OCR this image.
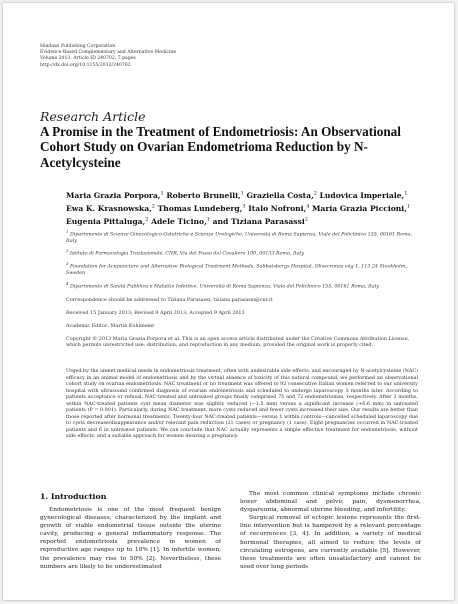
Hindawi Publishing Corporation
Evidence-Based Complementary and Alternative Medicine
Volume 2013, Article ID 240702, 7 pages
http://dx.doi.org/10.1155/2013/240702
Research Article
A Promise in the Treatment of Endometriosis: An Observational Cohort Study on Ovarian Endometrioma Reduction by N-Acetylcysteine
Maria Grazia Porpora,$^1$ Roberto Brunelli,$^1$ Graziella Costa,$^2$ Ludovica Imperiale,$^1$ Ewa K. Krasnowska,$^2$ Thomas Lundeberg,$^3$ Italo Nofroni,$^4$ Maria Grazia Piccioni,$^1$ Eugenia Pittaluga,$^2$ Adele Ticino,$^1$ and Tiziana Parasassi$^2$
$^1$ Dipartimento di Scienze Ginecologico-Ostetriche e Scienze Urologiche, Università di Roma Sapienza, Viale del Policlinico 155, 00161 Roma, Italy
$^2$ Istituto di Farmacologia Traslazionale, CNR, Via del Fosso del Cavaliere 100, 00133 Roma, Italy
$^3$ Foundation for Acupuncture and Alternative Biological Treatment Methods, Sabbatsbergs Hospital, Olivecronas väg 1, 113 24 Stockholm, Sweden
$^4$ Dipartimento di Sanità Pubblica e Malattie Infettive, Università di Roma Sapienza, Viale del Policlinico 155, 00161 Roma, Italy
Correspondence should be addressed to Tiziana Parasassi; tiziana.parasassi@cnr.it
Received 15 January 2013; Revised 9 April 2013; Accepted 9 April 2013
Academic Editor: Martin Kohlmeier
Copyright © 2013 Maria Grazia Porpora et al. This is an open access article distributed under the Creative Commons Attribution License, which permits unrestricted use, distribution, and reproduction in any medium, provided the original work is properly cited.
Urged by the unmet medical needs in endometriosis treatment, often with undesirable side effects, and encouraged by N-acetylcysteine (NAC) efficacy in an animal model of endometriosis and by the virtual absence of toxicity of this natural compound, we performed an observational cohort study on ovarian endometriosis. NAC treatment or no treatment was offered to 92 consecutive Italian women referred to our university hospital with ultrasound confirmed diagnosis of ovarian endometriosis and scheduled to undergo laparoscopy 3 months later. According to patients acceptance or refusal, NAC-treated and untreated groups finally comprised 75 and 72 endometriomas, respectively. After 3 months, within NAC-treated patients cyst mean diameter was slightly reduced (−1.5 mm) versus a significant increase (+6.6 mm) in untreated patients (P = 0.001). Particularly, during NAC treatment, more cysts reduced and fewer cysts increased their size. Our results are better than those reported after hormonal treatments. Twenty-four NAC-treated patients—versus 1 within controls—cancelled scheduled laparoscopy due to cysts decrease/disappearance and/or relevant pain reduction (21 cases) or pregnancy (1 case). Eight pregnancies occurred in NAC-treated patients and 6 in untreated patients. We can conclude that NAC actually represents a simple effective treatment for endometriosis, without side effects, and a suitable approach for women desiring a pregnancy.
1. Introduction

Endometriosis is one of the most frequent benign gynecological diseases, characterized by the implant and growth of viable endometrial tissue outside the uterine cavity, producing a general inflammatory response. The reported endometriosis prevalence in women of reproductive age ranges up to 10% [1]. In infertile women, the prevalence may rise to 50% [2]. Nevertheless, these numbers are likely to be underestimated

The most common clinical symptoms include chronic lower abdominal and pelvic pain, dysmenorrhea, dyspareunia, abnormal uterine bleeding, and infertility.

Surgical removal of ectopic lesions represents the first-line intervention but is hampered by a relevant percentage of recurrences [3, 4]. In addition, a variety of medical hormonal therapies, all aimed to reduce the levels of circulating estrogens, are currently available [5]. However, these treatments are often unsatisfactory and cannot be used over long periods
